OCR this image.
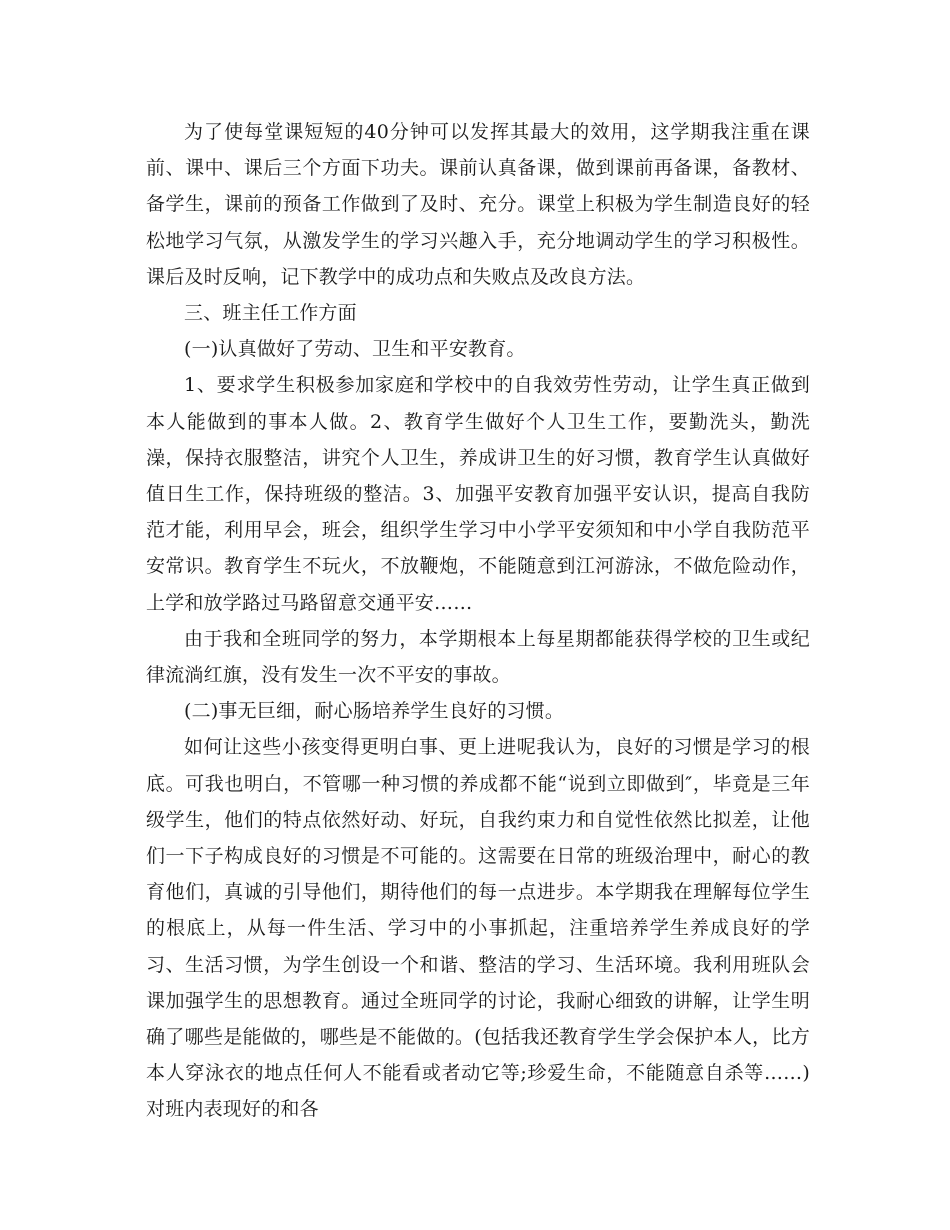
为了使每堂课短短的40分钟可以发挥其最大的效用，这学期我注重在课前、课中、课后三个方面下功夫。课前认真备课，做到课前再备课，备教材、备学生，课前的预备工作做到了及时、充分。课堂上积极为学生制造良好的轻松地学习气氛，从激发学生的学习兴趣入手，充分地调动学生的学习积极性。课后及时反响，记下教学中的成功点和失败点及改良方法。

三、班主任工作方面

(一)认真做好了劳动、卫生和平安教育。

1、要求学生积极参加家庭和学校中的自我效劳性劳动，让学生真正做到本人能做到的事本人做。2、教育学生做好个人卫生工作，要勤洗头，勤洗澡，保持衣服整洁，讲究个人卫生，养成讲卫生的好习惯，教育学生认真做好值日生工作，保持班级的整洁。3、加强平安教育加强平安认识，提高自我防范才能，利用早会，班会，组织学生学习中小学平安须知和中小学自我防范平安常识。教育学生不玩火，不放鞭炮，不能随意到江河游泳，不做危险动作，上学和放学路过马路留意交通平安……

由于我和全班同学的努力，本学期根本上每星期都能获得学校的卫生或纪律流淌红旗，没有发生一次不平安的事故。

(二)事无巨细，耐心肠培养学生良好的习惯。

如何让这些小孩变得更明白事、更上进呢我认为，良好的习惯是学习的根底。可我也明白，不管哪一种习惯的养成都不能“说到立即做到″，毕竟是三年级学生，他们的特点依然好动、好玩，自我约束力和自觉性依然比拟差，让他们一下子构成良好的习惯是不可能的。这需要在日常的班级治理中，耐心的教育他们，真诚的引导他们，期待他们的每一点进步。本学期我在理解每位学生的根底上，从每一件生活、学习中的小事抓起，注重培养学生养成良好的学习、生活习惯，为学生创设一个和谐、整洁的学习、生活环境。我利用班队会课加强学生的思想教育。通过全班同学的讨论，我耐心细致的讲解，让学生明确了哪些是能做的，哪些是不能做的。(包括我还教育学生学会保护本人，比方本人穿泳衣的地点任何人不能看或者动它等;珍爱生命，不能随意自杀等……)对班内表现好的和各
